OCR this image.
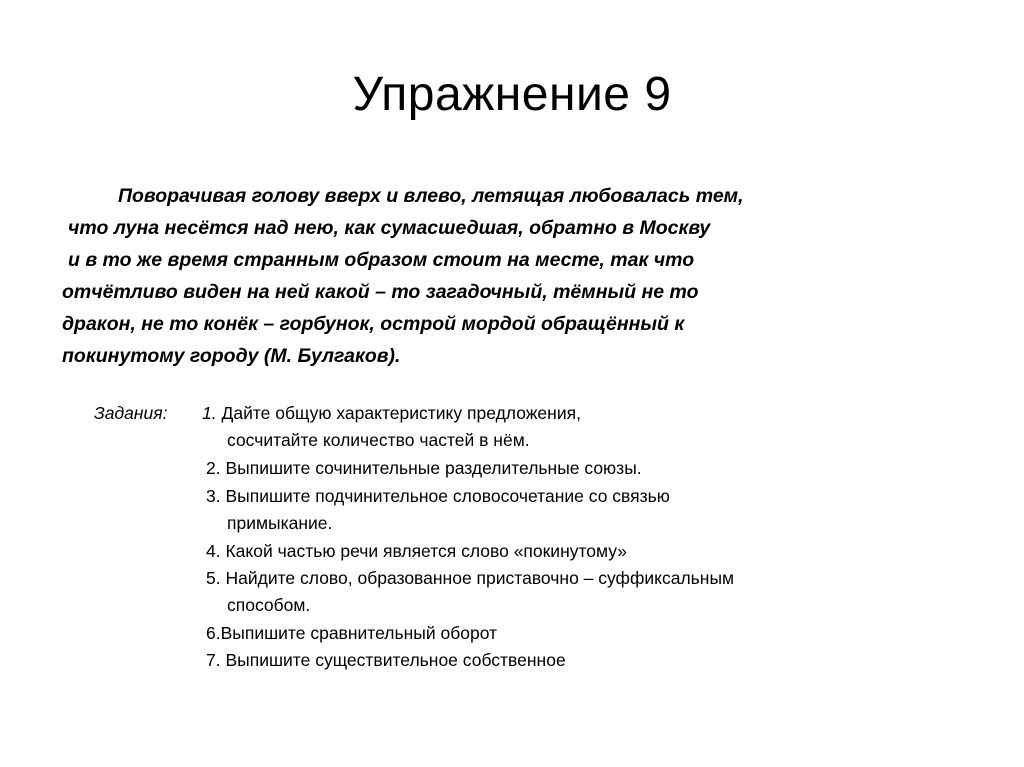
Упражнение 9
Поворачивая голову вверх и влево, летящая любовалась тем,
что луна несётся над нею, как сумасшедшая, обратно в Москву
и в то же время странным образом стоит на месте, так что
отчётливо виден на ней какой – то загадочный, тёмный не то
дракон, не то конёк – горбунок, острой мордой обращённый к
покинутому городу (М. Булгаков).
Задания: 1. Дайте общую характеристику предложения,
сосчитайте количество частей в нём.
2. Выпишите сочинительные разделительные союзы.
3. Выпишите подчинительное словосочетание со связью
примыкание.
4. Какой частью речи является слово «покинутому»
5. Найдите слово, образованное приставочно – суффиксальным
способом.
6.Выпишите сравнительный оборот
7. Выпишите существительное собственное
